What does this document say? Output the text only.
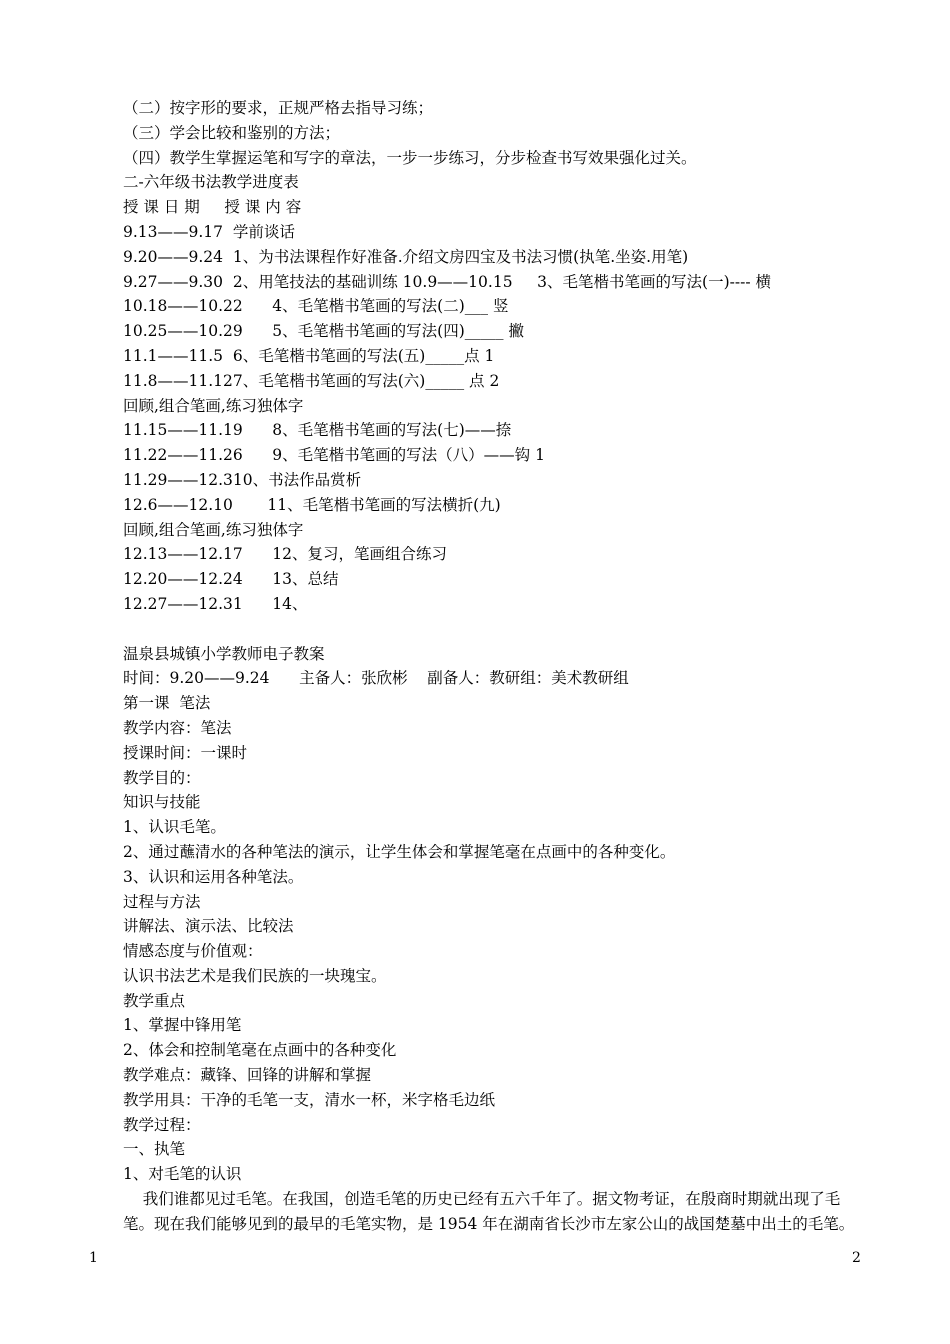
（二）按字形的要求，正规严格去指导习练；
（三）学会比较和鉴别的方法；
（四）教学生掌握运笔和写字的章法，一步一步练习，分步检查书写效果强化过关。
二-六年级书法教学进度表
授 课 日 期     授 课 内 容
9.13——9.17  学前谈话
9.20——9.24  1、为书法课程作好准备.介绍文房四宝及书法习惯(执笔.坐姿.用笔)
9.27——9.30  2、用笔技法的基础训练 10.9——10.15     3、毛笔楷书笔画的写法(一)---- 横
10.18——10.22      4、毛笔楷书笔画的写法(二)___ 竖
10.25——10.29      5、毛笔楷书笔画的写法(四)_____ 撇
11.1——11.5  6、毛笔楷书笔画的写法(五)_____点 1
11.8——11.127、毛笔楷书笔画的写法(六)_____ 点 2
回顾,组合笔画,练习独体字
11.15——11.19      8、毛笔楷书笔画的写法(七)——捺
11.22——11.26      9、毛笔楷书笔画的写法（八）——钩 1
11.29——12.310、书法作品赏析
12.6——12.10       11、毛笔楷书笔画的写法横折(九)
回顾,组合笔画,练习独体字
12.13——12.17      12、复习，笔画组合练习
12.20——12.24      13、总结
12.27——12.31      14、
温泉县城镇小学教师电子教案
时间：9.20——9.24      主备人：张欣彬    副备人：教研组：美术教研组
第一课  笔法
教学内容：笔法
授课时间：一课时
教学目的：
知识与技能
1、认识毛笔。
2、通过蘸清水的各种笔法的演示，让学生体会和掌握笔毫在点画中的各种变化。
3、认识和运用各种笔法。
过程与方法
讲解法、演示法、比较法
情感态度与价值观：
认识书法艺术是我们民族的一块瑰宝。
教学重点
1、掌握中锋用笔
2、体会和控制笔毫在点画中的各种变化
教学难点：藏锋、回锋的讲解和掌握
教学用具：干净的毛笔一支，清水一杯，米字格毛边纸
教学过程：
一、执笔
1、对毛笔的认识
我们谁都见过毛笔。在我国，创造毛笔的历史已经有五六千年了。据文物考证，在殷商时期就出现了毛
笔。现在我们能够见到的最早的毛笔实物，是 1954 年在湖南省长沙市左家公山的战国楚墓中出土的毛笔。
1	2
